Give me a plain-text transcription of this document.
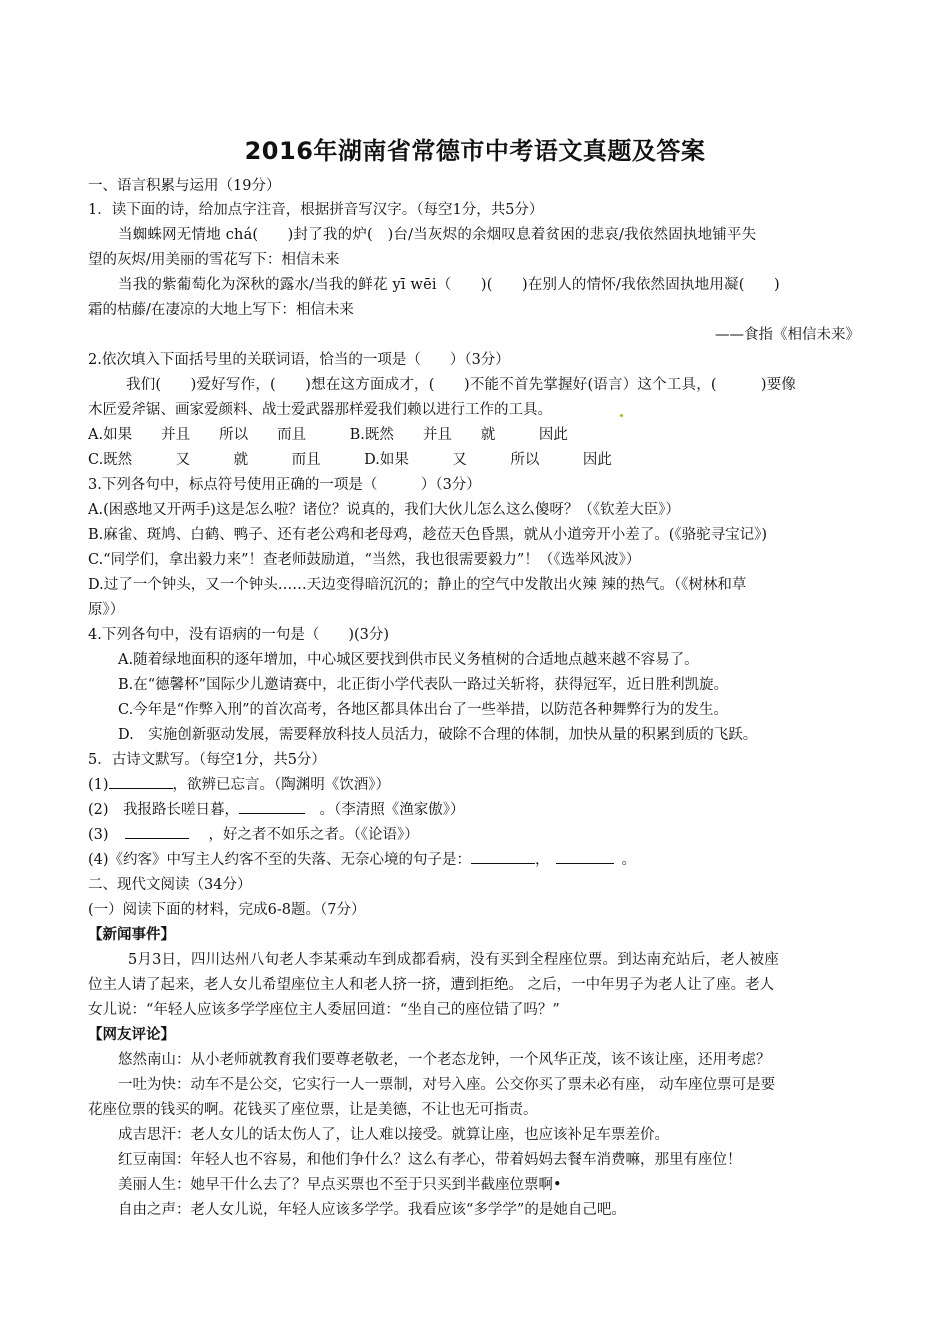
2016年湖南省常德市中考语文真题及答案
一、语言积累与运用（19分）
1．读下面的诗，给加点字注音，根据拼音写汉字。（每空1分，共5分）
当蜘蛛网无情地 chá(　　)封了我的炉(　)台/当灰烬的余烟叹息着贫困的悲哀/我依然固执地铺平失
望的灰烬/用美丽的雪花写下：相信未来
当我的紫葡萄化为深秋的露水/当我的鲜花 yī wēi（　　)(　　)在别人的情怀/我依然固执地用凝(　　)
霜的枯藤/在凄凉的大地上写下：相信未来
——食指《相信未来》
2.依次填入下面括号里的关联词语，恰当的一项是（　　）（3分）
我们(　　)爱好写作，(　　)想在这方面成才，(　　)不能不首先掌握好(语言）这个工具，(　　　)要像
木匠爱斧锯、画家爱颜料、战士爱武器那样爱我们赖以进行工作的工具。
A.如果　　并且　　所以　　而且　　　B.既然　　并且　　就　　　因此
C.既然　　　又　　　就　　　而且　　　D.如果　　　又　　　所以　　　因此
3.下列各句中，标点符号使用正确的一项是（　　　）（3分）
A.(困惑地又开两手)这是怎么啦？诸位？说真的，我们大伙儿怎么这么傻呀？（《钦差大臣》）
B.麻雀、斑鸠、白鹤、鸭子、还有老公鸡和老母鸡，趁莅天色昏黑，就从小道旁开小差了。(《骆驼寻宝记》)
C.“同学们，拿出毅力来”！查老师鼓励道，“当然，我也很需要毅力”！（《选举风波》）
D.过了一个钟头，又一个钟头……天边变得暗沉沉的；静止的空气中发散出火辣 辣的热气。（《树林和草
原》）
4.下列各句中，没有语病的一句是（　　)(3分)
A.随着绿地面积的逐年增加，中心城区要找到供市民义务植树的合适地点越来越不容易了。
B.在“德馨杯”国际少儿邀请赛中，北正街小学代表队一路过关斩将，获得冠军，近日胜利凯旋。
C.今年是“作弊入刑”的首次高考，各地区都具体出台了一些举措，以防范各种舞弊行为的发生。
D.　实施创新驱动发展，需要释放科技人员活力，破除不合理的体制，加快从量的积累到质的飞跃。
5．古诗文默写。（每空1分，共5分）
(1)	，欲辨已忘言。（陶渊明《饮酒》）
(2)　我报路长嗟日暮，	　。（李清照《渔家傲》）
(3)	，好之者不如乐之者。（《论语》）
(4)《约客》中写主人约客不至的失落、无奈心境的句子是：	，	。
二、现代文阅读（34分）
(一）阅读下面的材料，完成6-8题。（7分）
【新闻事件】
5月3日，四川达州八旬老人李某乘动车到成都看病，没有买到全程座位票。到达南充站后，老人被座
位主人请了起来，老人女儿希望座位主人和老人挤一挤，遭到拒绝。 之后，一中年男子为老人让了座。老人
女儿说：“年轻人应该多学学座位主人委屈回道：“坐自己的座位错了吗？”
【网友评论】
悠然南山：从小老师就教育我们要尊老敬老，一个老态龙钟，一个风华正茂，该不该让座，还用考虑？
一吐为快：动车不是公交，它实行一人一票制，对号入座。公交你买了票未必有座， 动车座位票可是要
花座位票的钱买的啊。花钱买了座位票，让是美德，不让也无可指责。
成吉思汗：老人女儿的话太伤人了，让人难以接受。就算让座，也应该补足车票差价。
红豆南国：年轻人也不容易，和他们争什么？这么有孝心，带着妈妈去餐车消费嘛，那里有座位！
美丽人生：她早干什么去了？早点买票也不至于只买到半截座位票啊•
自由之声：老人女儿说，年轻人应该多学学。我看应该“多学学”的是她自己吧。
